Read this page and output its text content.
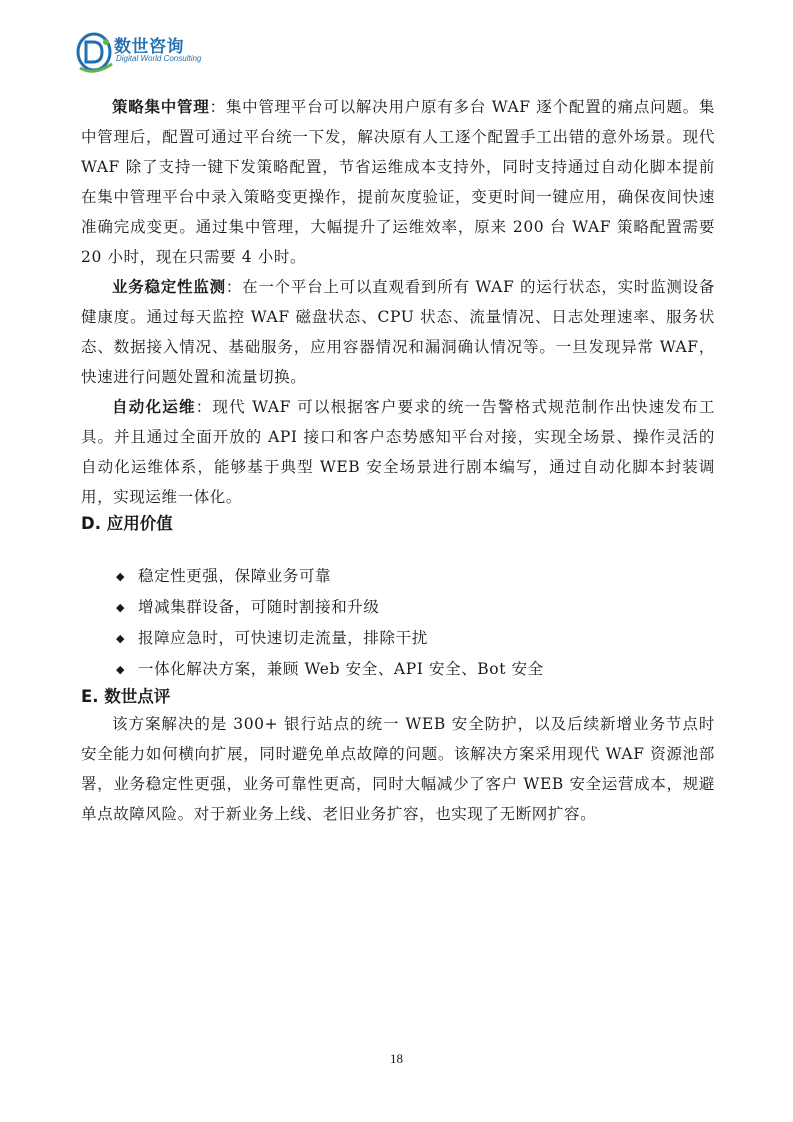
数世咨询
Digital World Consulting

策略集中管理：集中管理平台可以解决用户原有多台 WAF 逐个配置的痛点问题。集中管理后，配置可通过平台统一下发，解决原有人工逐个配置手工出错的意外场景。现代 WAF 除了支持一键下发策略配置，节省运维成本支持外，同时支持通过自动化脚本提前在集中管理平台中录入策略变更操作，提前灰度验证，变更时间一键应用，确保夜间快速准确完成变更。通过集中管理，大幅提升了运维效率，原来 200 台 WAF 策略配置需要 20 小时，现在只需要 4 小时。

业务稳定性监测：在一个平台上可以直观看到所有 WAF 的运行状态，实时监测设备健康度。通过每天监控 WAF 磁盘状态、CPU 状态、流量情况、日志处理速率、服务状态、数据接入情况、基础服务，应用容器情况和漏洞确认情况等。一旦发现异常 WAF，快速进行问题处置和流量切换。

自动化运维：现代 WAF 可以根据客户要求的统一告警格式规范制作出快速发布工具。并且通过全面开放的 API 接口和客户态势感知平台对接，实现全场景、操作灵活的自动化运维体系，能够基于典型 WEB 安全场景进行剧本编写，通过自动化脚本封装调用，实现运维一体化。

D. 应用价值
◆ 稳定性更强，保障业务可靠
◆ 增减集群设备，可随时割接和升级
◆ 报障应急时，可快速切走流量，排除干扰
◆ 一体化解决方案，兼顾 Web 安全、API 安全、Bot 安全
E. 数世点评

该方案解决的是 300+ 银行站点的统一 WEB 安全防护，以及后续新增业务节点时安全能力如何横向扩展，同时避免单点故障的问题。该解决方案采用现代 WAF 资源池部署，业务稳定性更强，业务可靠性更高，同时大幅减少了客户 WEB 安全运营成本，规避单点故障风险。对于新业务上线、老旧业务扩容，也实现了无断网扩容。

18
